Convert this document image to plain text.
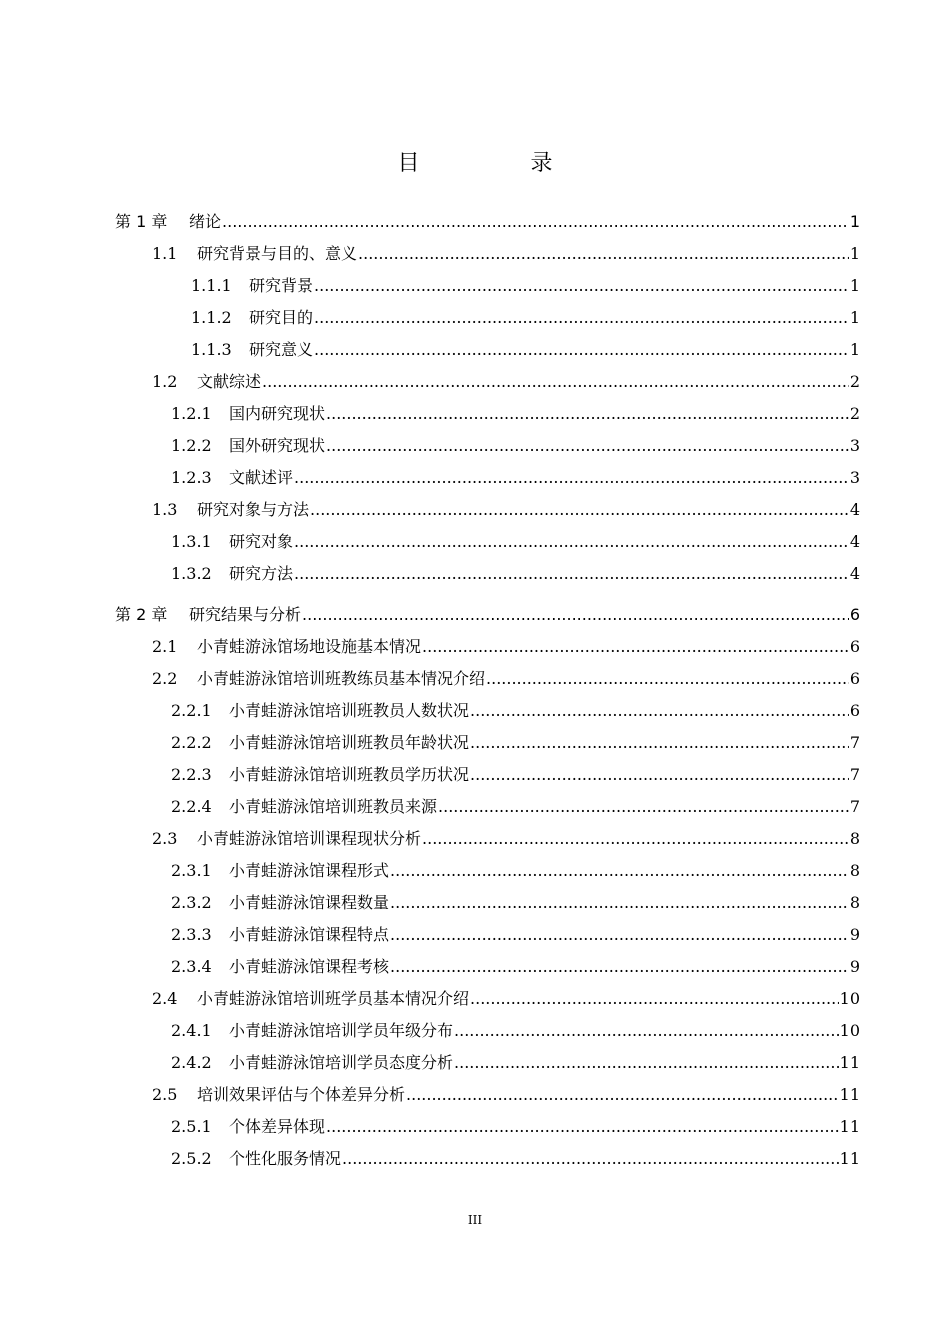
目 录
第 1 章	绪论 .....	1
1.1	研究背景与目的、意义 .....	1
1.1.1	研究背景 .....	1
1.1.2	研究目的 .....	1
1.1.3	研究意义 .....	1
1.2	文献综述 .....	2
1.2.1	国内研究现状 .....	2
1.2.2	国外研究现状 .....	3
1.2.3	文献述评 .....	3
1.3	研究对象与方法 .....	4
1.3.1	研究对象 .....	4
1.3.2	研究方法 .....	4
第 2 章	研究结果与分析 .....	6
2.1	小青蛙游泳馆场地设施基本情况 .....	6
2.2	小青蛙游泳馆培训班教练员基本情况介绍 .....	6
2.2.1	小青蛙游泳馆培训班教员人数状况 .....	6
2.2.2	小青蛙游泳馆培训班教员年龄状况 .....	7
2.2.3	小青蛙游泳馆培训班教员学历状况 .....	7
2.2.4	小青蛙游泳馆培训班教员来源 .....	7
2.3	小青蛙游泳馆培训课程现状分析 .....	8
2.3.1	小青蛙游泳馆课程形式 .....	8
2.3.2	小青蛙游泳馆课程数量 .....	8
2.3.3	小青蛙游泳馆课程特点 .....	9
2.3.4	小青蛙游泳馆课程考核 .....	9
2.4	小青蛙游泳馆培训班学员基本情况介绍 .....	10
2.4.1	小青蛙游泳馆培训学员年级分布 .....	10
2.4.2	小青蛙游泳馆培训学员态度分析 .....	11
2.5	培训效果评估与个体差异分析 .....	11
2.5.1	个体差异体现 .....	11
2.5.2	个性化服务情况 .....	11
III
